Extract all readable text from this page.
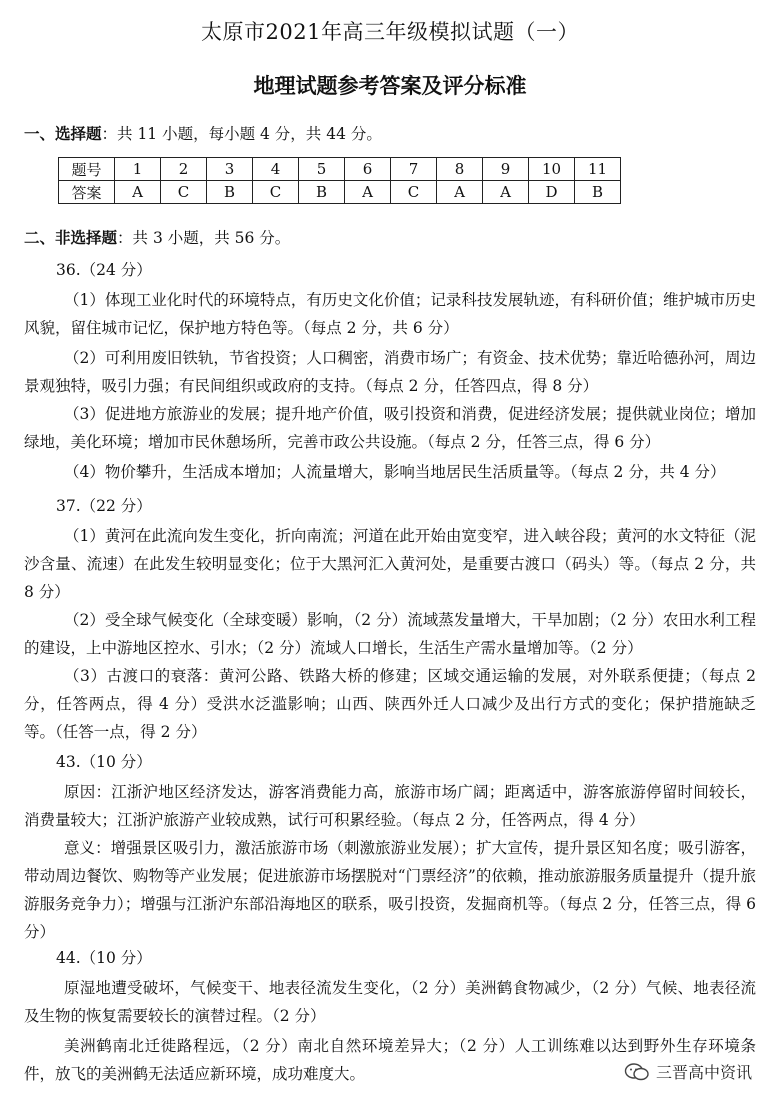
太原市2021年高三年级模拟试题（一）
地理试题参考答案及评分标准
一、选择题：共 11 小题，每小题 4 分，共 44 分。
题号	1	2	3	4	5	6	7	8	9	10	11
答案	A	C	B	C	B	A	C	A	A	D	B
二、非选择题：共 3 小题，共 56 分。
36.（24 分）
（1）体现工业化时代的环境特点，有历史文化价值；记录科技发展轨迹，有科研价值；维护城市历史风貌，留住城市记忆，保护地方特色等。（每点 2 分，共 6 分）
（2）可利用废旧铁轨，节省投资；人口稠密，消费市场广；有资金、技术优势；靠近哈德孙河，周边景观独特，吸引力强；有民间组织或政府的支持。（每点 2 分，任答四点，得 8 分）
（3）促进地方旅游业的发展；提升地产价值，吸引投资和消费，促进经济发展；提供就业岗位；增加绿地，美化环境；增加市民休憩场所，完善市政公共设施。（每点 2 分，任答三点，得 6 分）
（4）物价攀升，生活成本增加；人流量增大，影响当地居民生活质量等。（每点 2 分，共 4 分）
37.（22 分）
（1）黄河在此流向发生变化，折向南流；河道在此开始由宽变窄，进入峡谷段；黄河的水文特征（泥沙含量、流速）在此发生较明显变化；位于大黑河汇入黄河处，是重要古渡口（码头）等。（每点 2 分，共 8 分）
（2）受全球气候变化（全球变暖）影响，（2 分）流域蒸发量增大，干旱加剧；（2 分）农田水利工程的建设，上中游地区控水、引水；（2 分）流域人口增长，生活生产需水量增加等。（2 分）
（3）古渡口的衰落：黄河公路、铁路大桥的修建；区域交通运输的发展，对外联系便捷；（每点 2 分，任答两点，得 4 分）受洪水泛滥影响；山西、陕西外迁人口减少及出行方式的变化；保护措施缺乏等。（任答一点，得 2 分）
43.（10 分）
原因：江浙沪地区经济发达，游客消费能力高，旅游市场广阔；距离适中，游客旅游停留时间较长，消费量较大；江浙沪旅游产业较成熟，试行可积累经验。（每点 2 分，任答两点，得 4 分）
意义：增强景区吸引力，激活旅游市场（刺激旅游业发展）；扩大宣传，提升景区知名度；吸引游客，带动周边餐饮、购物等产业发展；促进旅游市场摆脱对“门票经济”的依赖，推动旅游服务质量提升（提升旅游服务竞争力）；增强与江浙沪东部沿海地区的联系，吸引投资，发掘商机等。（每点 2 分，任答三点，得 6 分）
44.（10 分）
原湿地遭受破坏，气候变干、地表径流发生变化，（2 分）美洲鹤食物减少，（2 分）气候、地表径流及生物的恢复需要较长的演替过程。（2 分）
美洲鹤南北迁徙路程远，（2 分）南北自然环境差异大；（2 分）人工训练难以达到野外生存环境条件，放飞的美洲鹤无法适应新环境，成功难度大。	三晋高中资讯
